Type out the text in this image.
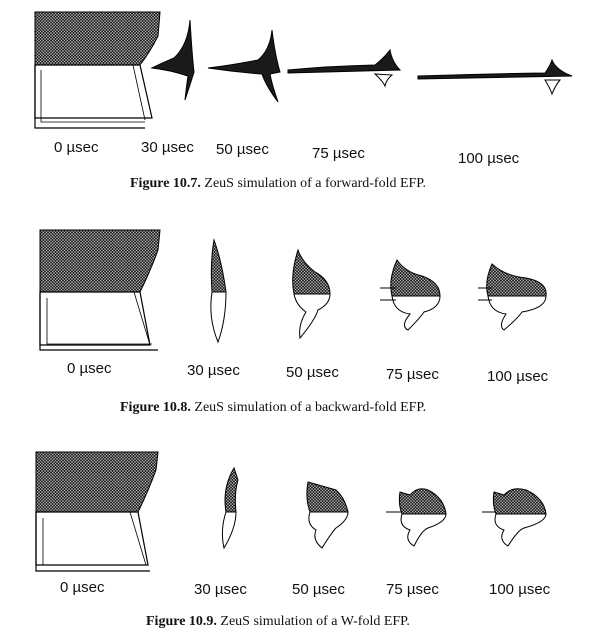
0 µsec	30 µsec 50 µsec	75 µsec	100 µsec
Figure 10.7. ZeuS simulation of a forward-fold EFP.
0 µsec	30 µsec	50 µsec	75 µsec	100 µsec
Figure 10.8. ZeuS simulation of a backward-fold EFP.
0 µsec	30 µsec	50 µsec	75 µsec	100 µsec
Figure 10.9. ZeuS simulation of a W-fold EFP.
